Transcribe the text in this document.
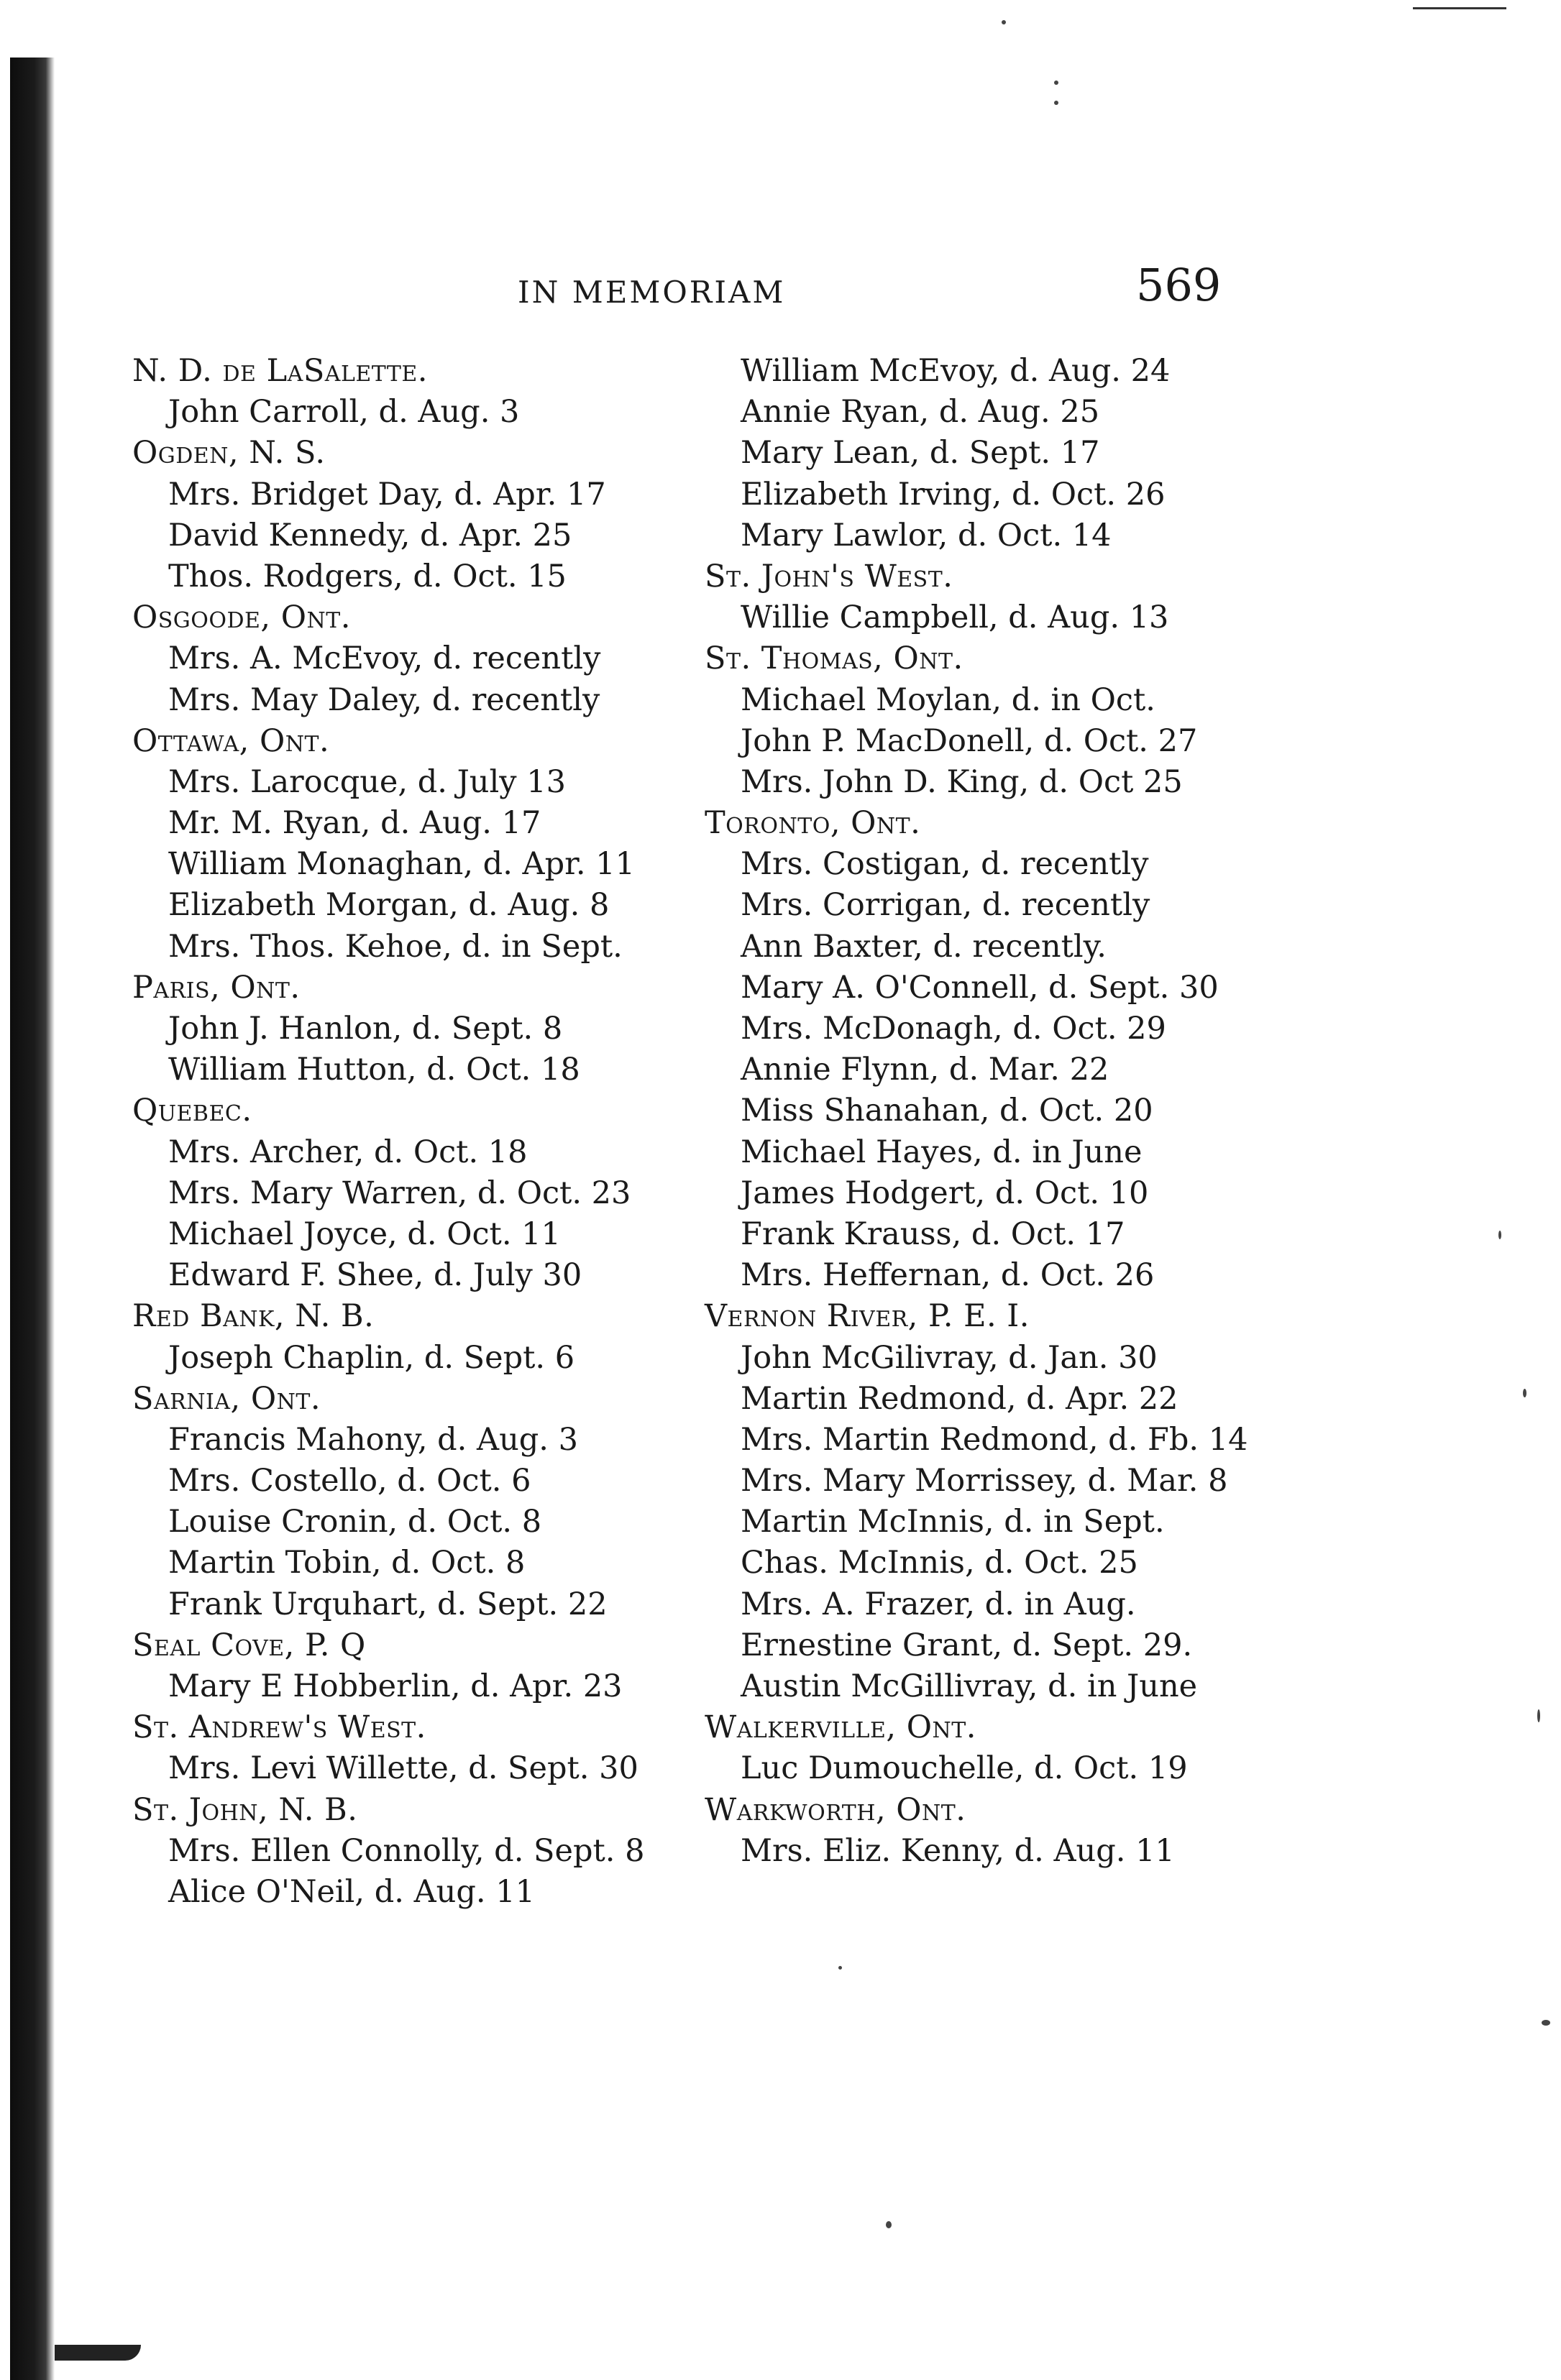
IN MEMORIAM	569
N. D. de LaSalette.
John Carroll, d. Aug. 3
Ogden, N. S.
Mrs. Bridget Day, d. Apr. 17
David Kennedy, d. Apr. 25
Thos. Rodgers, d. Oct. 15
Osgoode, Ont.
Mrs. A. McEvoy, d. recently
Mrs. May Daley, d. recently
Ottawa, Ont.
Mrs. Larocque, d. July 13
Mr. M. Ryan, d. Aug. 17
William Monaghan, d. Apr. 11
Elizabeth Morgan, d. Aug. 8
Mrs. Thos. Kehoe, d. in Sept.
Paris, Ont.
John J. Hanlon, d. Sept. 8
William Hutton, d. Oct. 18
Quebec.
Mrs. Archer, d. Oct. 18
Mrs. Mary Warren, d. Oct. 23
Michael Joyce, d. Oct. 11
Edward F. Shee, d. July 30
Red Bank, N. B.
Joseph Chaplin, d. Sept. 6
Sarnia, Ont.
Francis Mahony, d. Aug. 3
Mrs. Costello, d. Oct. 6
Louise Cronin, d. Oct. 8
Martin Tobin, d. Oct. 8
Frank Urquhart, d. Sept. 22
Seal Cove, P. Q
Mary E Hobberlin, d. Apr. 23
St. Andrew's West.
Mrs. Levi Willette, d. Sept. 30
St. John, N. B.
Mrs. Ellen Connolly, d. Sept. 8
Alice O'Neil, d. Aug. 11
William McEvoy, d. Aug. 24
Annie Ryan, d. Aug. 25
Mary Lean, d. Sept. 17
Elizabeth Irving, d. Oct. 26
Mary Lawlor, d. Oct. 14
St. John's West.
Willie Campbell, d. Aug. 13
St. Thomas, Ont.
Michael Moylan, d. in Oct.
John P. MacDonell, d. Oct. 27
Mrs. John D. King, d. Oct 25
Toronto, Ont.
Mrs. Costigan, d. recently
Mrs. Corrigan, d. recently
Ann Baxter, d. recently.
Mary A. O'Connell, d. Sept. 30
Mrs. McDonagh, d. Oct. 29
Annie Flynn, d. Mar. 22
Miss Shanahan, d. Oct. 20
Michael Hayes, d. in June
James Hodgert, d. Oct. 10
Frank Krauss, d. Oct. 17
Mrs. Heffernan, d. Oct. 26
Vernon River, P. E. I.
John McGilivray, d. Jan. 30
Martin Redmond, d. Apr. 22
Mrs. Martin Redmond, d. Fb. 14
Mrs. Mary Morrissey, d. Mar. 8
Martin McInnis, d. in Sept.
Chas. McInnis, d. Oct. 25
Mrs. A. Frazer, d. in Aug.
Ernestine Grant, d. Sept. 29.
Austin McGillivray, d. in June
Walkerville, Ont.
Luc Dumouchelle, d. Oct. 19
Warkworth, Ont.
Mrs. Eliz. Kenny, d. Aug. 11
